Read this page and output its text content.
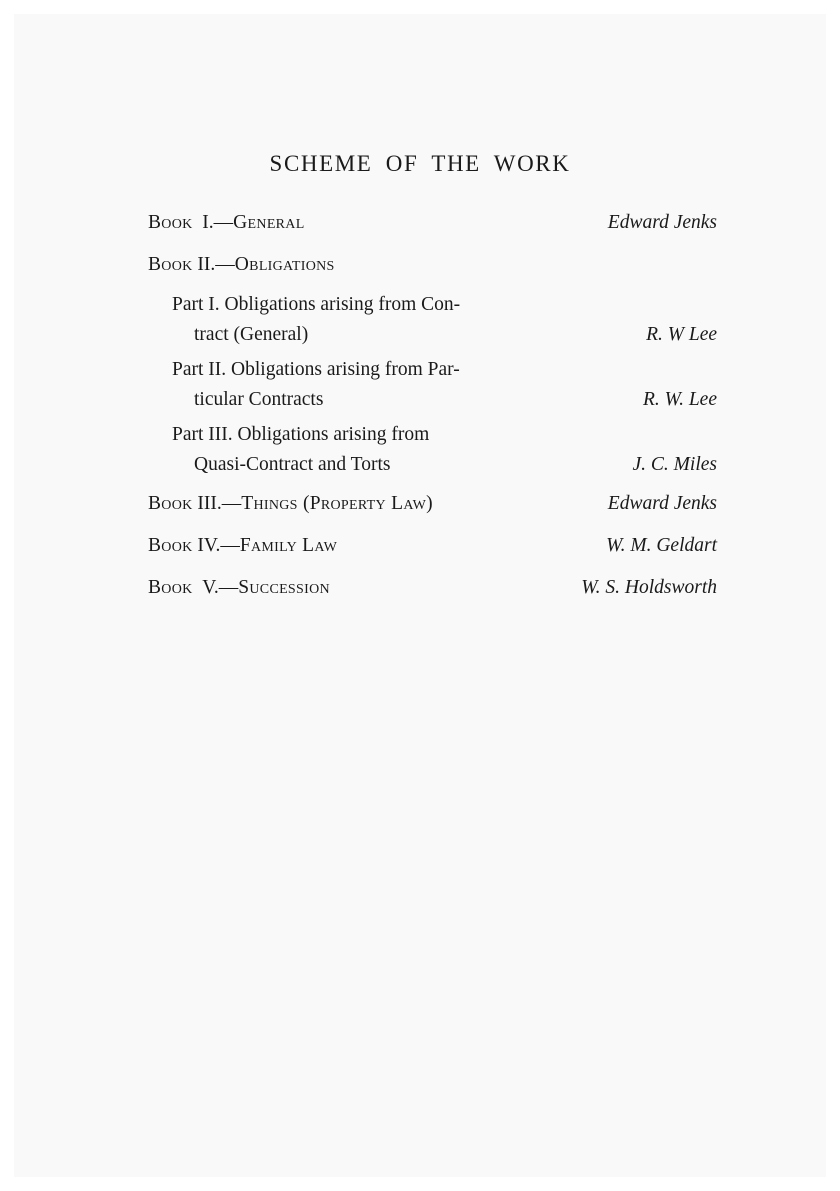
SCHEME OF THE WORK
Book I.—General	Edward Jenks
Book II.—Obligations
Part I. Obligations arising from Con-
tract (General)	R. W Lee
Part II. Obligations arising from Par-
ticular Contracts	R. W. Lee
Part III. Obligations arising from
Quasi-Contract and Torts	J. C. Miles
Book III.—Things (Property Law)	Edward Jenks
Book IV.—Family Law	W. M. Geldart
Book V.—Succession	W. S. Holdsworth
